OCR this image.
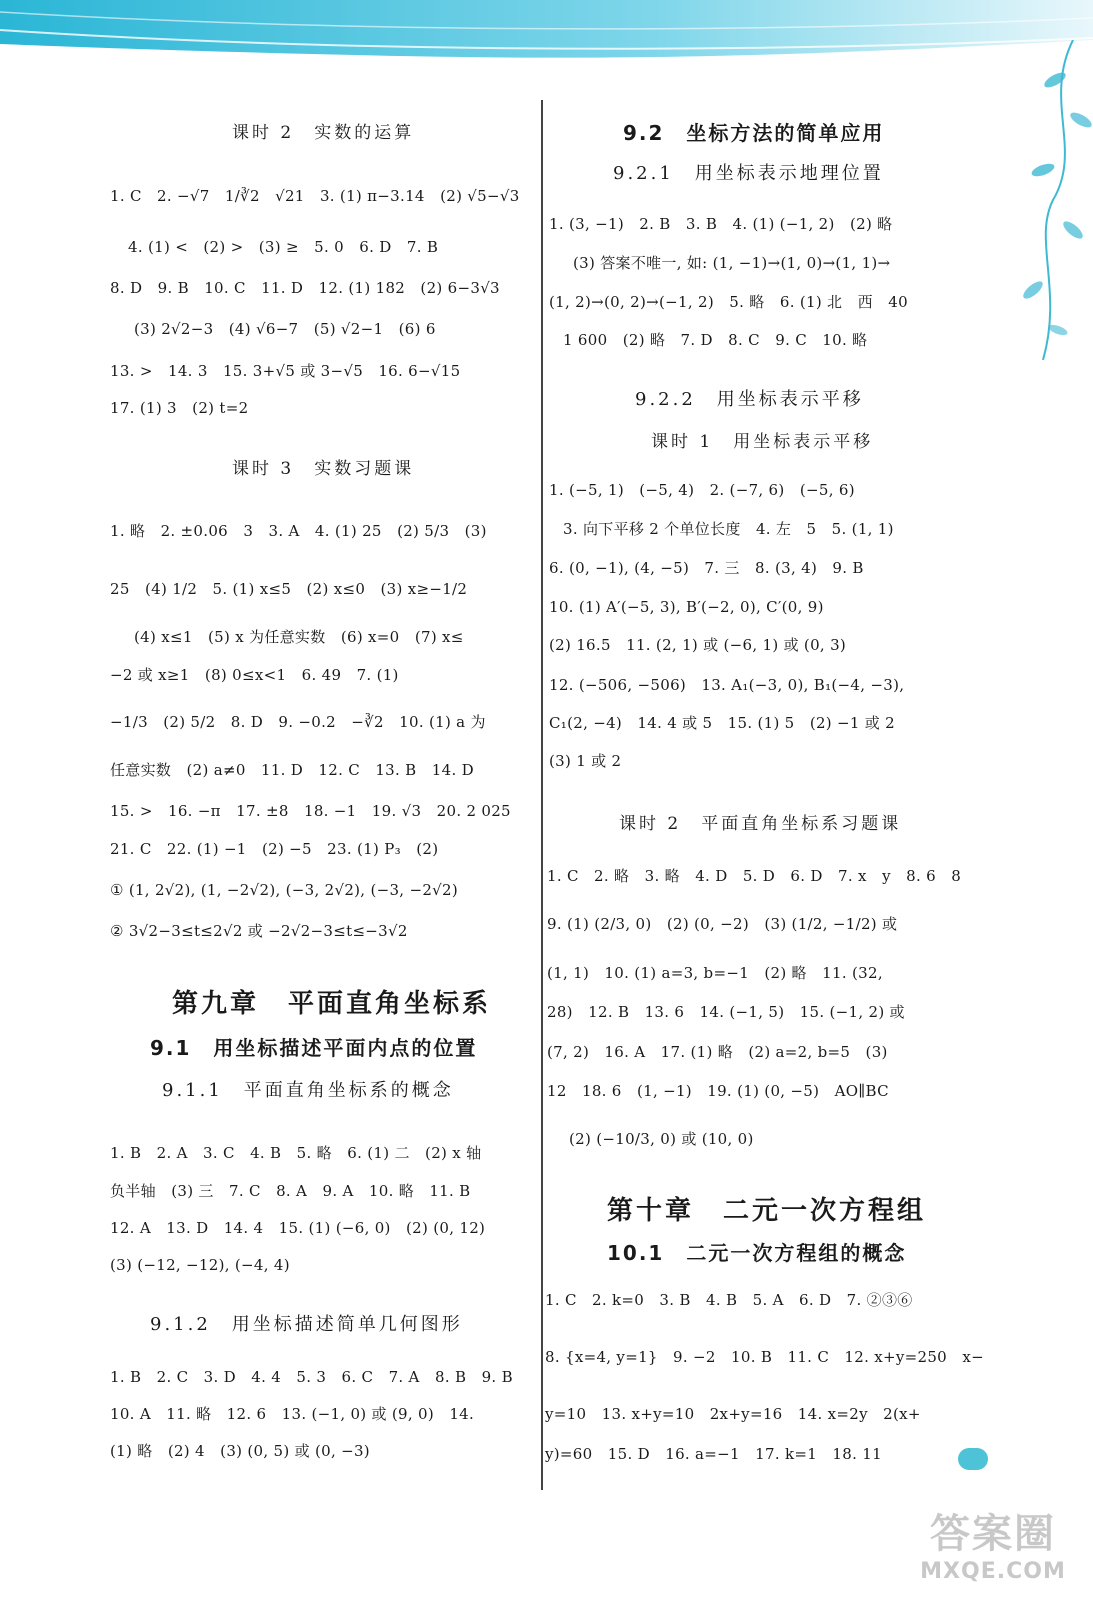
课时 2　实数的运算
1. C　2. −√7　1/∛2　√21　3. (1) π−3.14　(2) √5−√3
4. (1) <　(2) >　(3) ≥　5. 0　6. D　7. B
8. D　9. B　10. C　11. D　12. (1) 182　(2) 6−3√3
(3) 2√2−3　(4) √6−7　(5) √2−1　(6) 6
13. >　14. 3　15. 3+√5 或 3−√5　16. 6−√15
17. (1) 3　(2) t=2
课时 3　实数习题课
1. 略　2. ±0.06　3　3. A　4. (1) 25　(2) 5/3　(3)
25　(4) 1/2　5. (1) x≤5　(2) x≤0　(3) x≥−1/2
(4) x≤1　(5) x 为任意实数　(6) x=0　(7) x≤
−2 或 x≥1　(8) 0≤x<1　6. 49　7. (1)
−1/3　(2) 5/2　8. D　9. −0.2　−∛2　10. (1) a 为
任意实数　(2) a≠0　11. D　12. C　13. B　14. D
15. >　16. −π　17. ±8　18. −1　19. √3　20. 2 025
21. C　22. (1) −1　(2) −5　23. (1) P₃　(2)
① (1, 2√2), (1, −2√2), (−3, 2√2), (−3, −2√2)
② 3√2−3≤t≤2√2 或 −2√2−3≤t≤−3√2
第九章　平面直角坐标系
9.1　用坐标描述平面内点的位置
9.1.1　平面直角坐标系的概念
1. B　2. A　3. C　4. B　5. 略　6. (1) 二　(2) x 轴
负半轴　(3) 三　7. C　8. A　9. A　10. 略　11. B
12. A　13. D　14. 4　15. (1) (−6, 0)　(2) (0, 12)
(3) (−12, −12), (−4, 4)
9.1.2　用坐标描述简单几何图形
1. B　2. C　3. D　4. 4　5. 3　6. C　7. A　8. B　9. B
10. A　11. 略　12. 6　13. (−1, 0) 或 (9, 0)　14.
(1) 略　(2) 4　(3) (0, 5) 或 (0, −3)
9.2　坐标方法的简单应用
9.2.1　用坐标表示地理位置
1. (3, −1)　2. B　3. B　4. (1) (−1, 2)　(2) 略
(3) 答案不唯一, 如: (1, −1)→(1, 0)→(1, 1)→
(1, 2)→(0, 2)→(−1, 2)　5. 略　6. (1) 北　西　40
1 600　(2) 略　7. D　8. C　9. C　10. 略
9.2.2　用坐标表示平移
课时 1　用坐标表示平移
1. (−5, 1)　(−5, 4)　2. (−7, 6)　(−5, 6)
3. 向下平移 2 个单位长度　4. 左　5　5. (1, 1)
6. (0, −1), (4, −5)　7. 三　8. (3, 4)　9. B
10. (1) A′(−5, 3), B′(−2, 0), C′(0, 9)
(2) 16.5　11. (2, 1) 或 (−6, 1) 或 (0, 3)
12. (−506, −506)　13. A₁(−3, 0), B₁(−4, −3),
C₁(2, −4)　14. 4 或 5　15. (1) 5　(2) −1 或 2
(3) 1 或 2
课时 2　平面直角坐标系习题课
1. C　2. 略　3. 略　4. D　5. D　6. D　7. x　y　8. 6　8
9. (1) (2/3, 0)　(2) (0, −2)　(3) (1/2, −1/2) 或
(1, 1)　10. (1) a=3, b=−1　(2) 略　11. (32,
28)　12. B　13. 6　14. (−1, 5)　15. (−1, 2) 或
(7, 2)　16. A　17. (1) 略　(2) a=2, b=5　(3)
12　18. 6　(1, −1)　19. (1) (0, −5)　AO∥BC
(2) (−10/3, 0) 或 (10, 0)
第十章　二元一次方程组
10.1　二元一次方程组的概念
1. C　2. k=0　3. B　4. B　5. A　6. D　7. ②③⑥
8. {x=4, y=1}　9. −2　10. B　11. C　12. x+y=250　x−
y=10　13. x+y=10　2x+y=16　14. x=2y　2(x+
y)=60　15. D　16. a=−1　17. k=1　18. 11
答案圈
MXQE.COM
